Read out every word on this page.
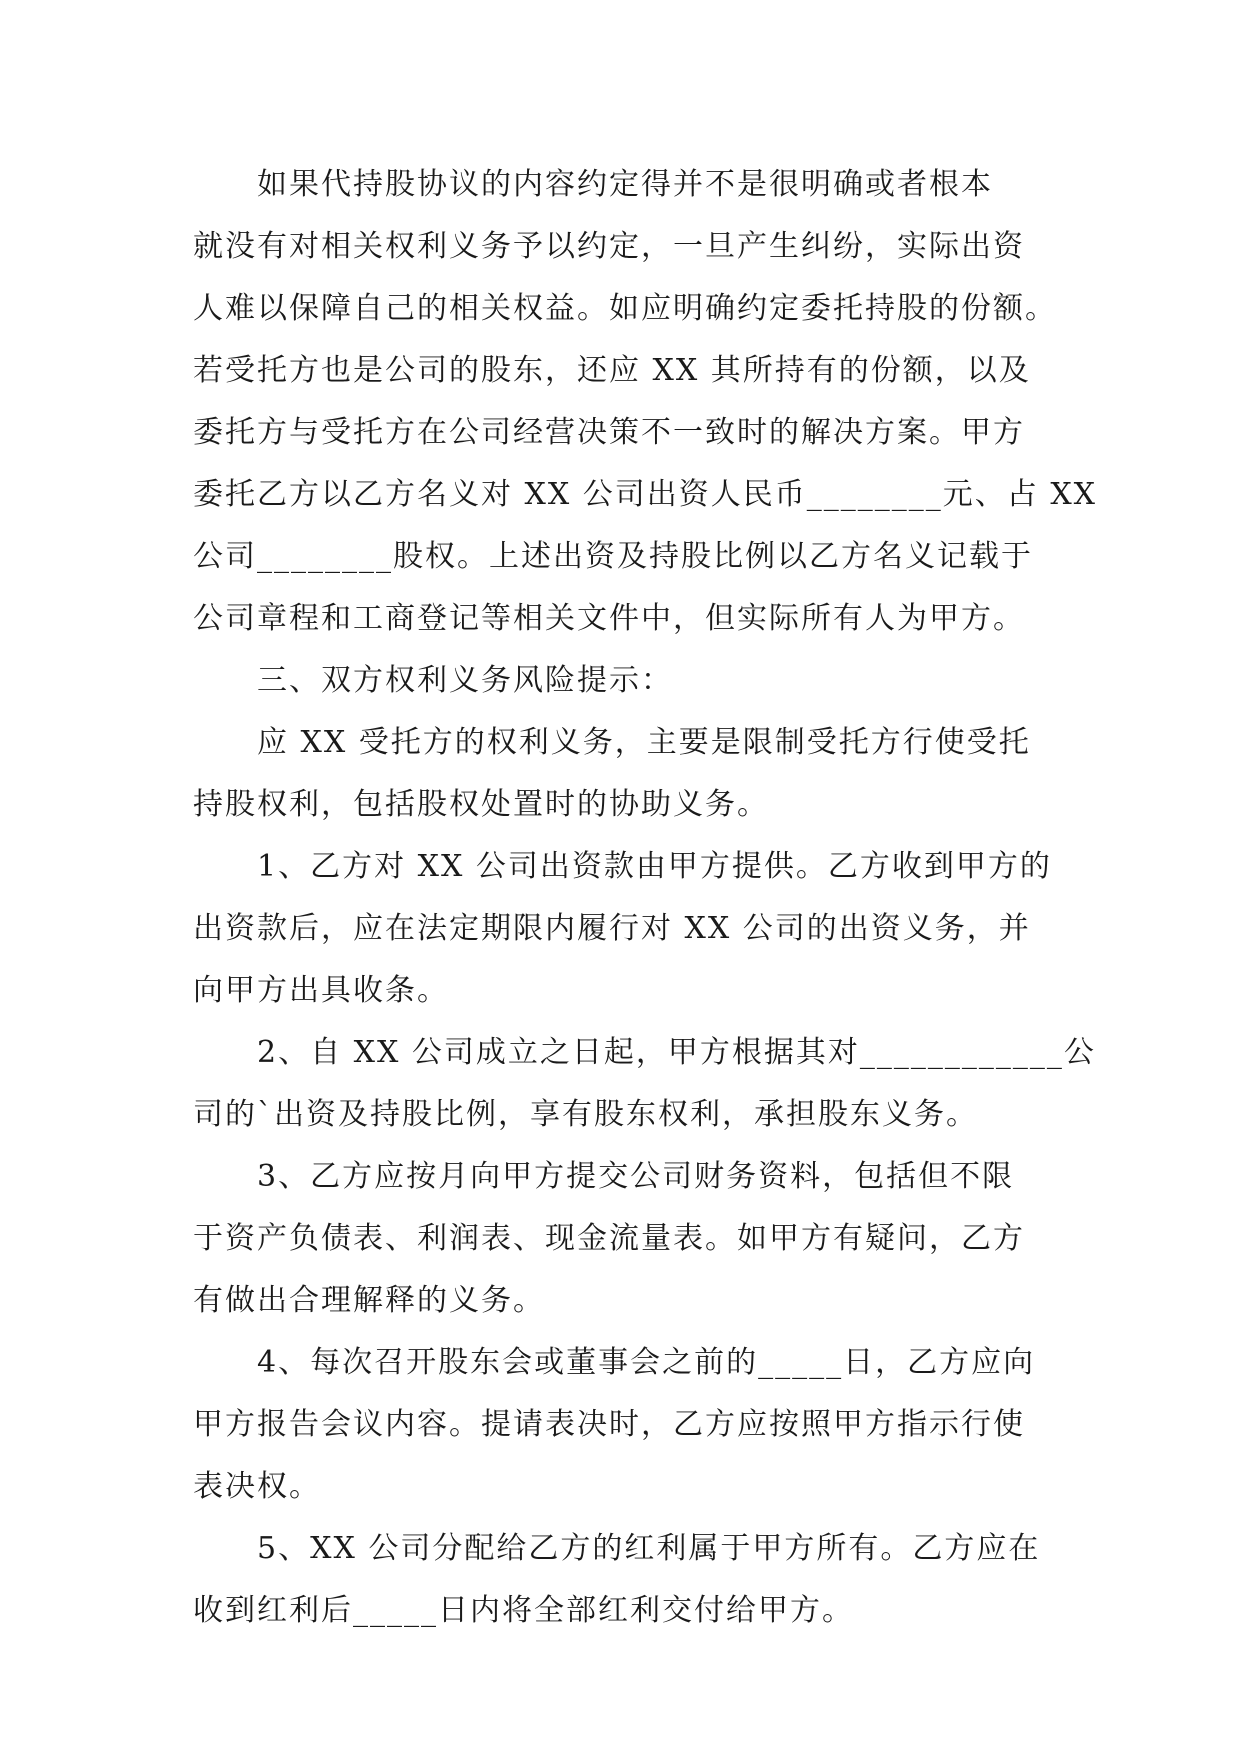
　　如果代持股协议的内容约定得并不是很明确或者根本
就没有对相关权利义务予以约定，一旦产生纠纷，实际出资
人难以保障自己的相关权益。如应明确约定委托持股的份额。
若受托方也是公司的股东，还应 XX 其所持有的份额，以及
委托方与受托方在公司经营决策不一致时的解决方案。甲方
委托乙方以乙方名义对 XX 公司出资人民币________元、占 XX
公司________股权。上述出资及持股比例以乙方名义记载于
公司章程和工商登记等相关文件中，但实际所有人为甲方。
　　三、双方权利义务风险提示：
　　应 XX 受托方的权利义务，主要是限制受托方行使受托
持股权利，包括股权处置时的协助义务。
　　1、乙方对 XX 公司出资款由甲方提供。乙方收到甲方的
出资款后，应在法定期限内履行对 XX 公司的出资义务，并
向甲方出具收条。
　　2、自 XX 公司成立之日起，甲方根据其对____________公
司的`出资及持股比例，享有股东权利，承担股东义务。
　　3、乙方应按月向甲方提交公司财务资料，包括但不限
于资产负债表、利润表、现金流量表。如甲方有疑问，乙方
有做出合理解释的义务。
　　4、每次召开股东会或董事会之前的_____日，乙方应向
甲方报告会议内容。提请表决时，乙方应按照甲方指示行使
表决权。
　　5、XX 公司分配给乙方的红利属于甲方所有。乙方应在
收到红利后_____日内将全部红利交付给甲方。
